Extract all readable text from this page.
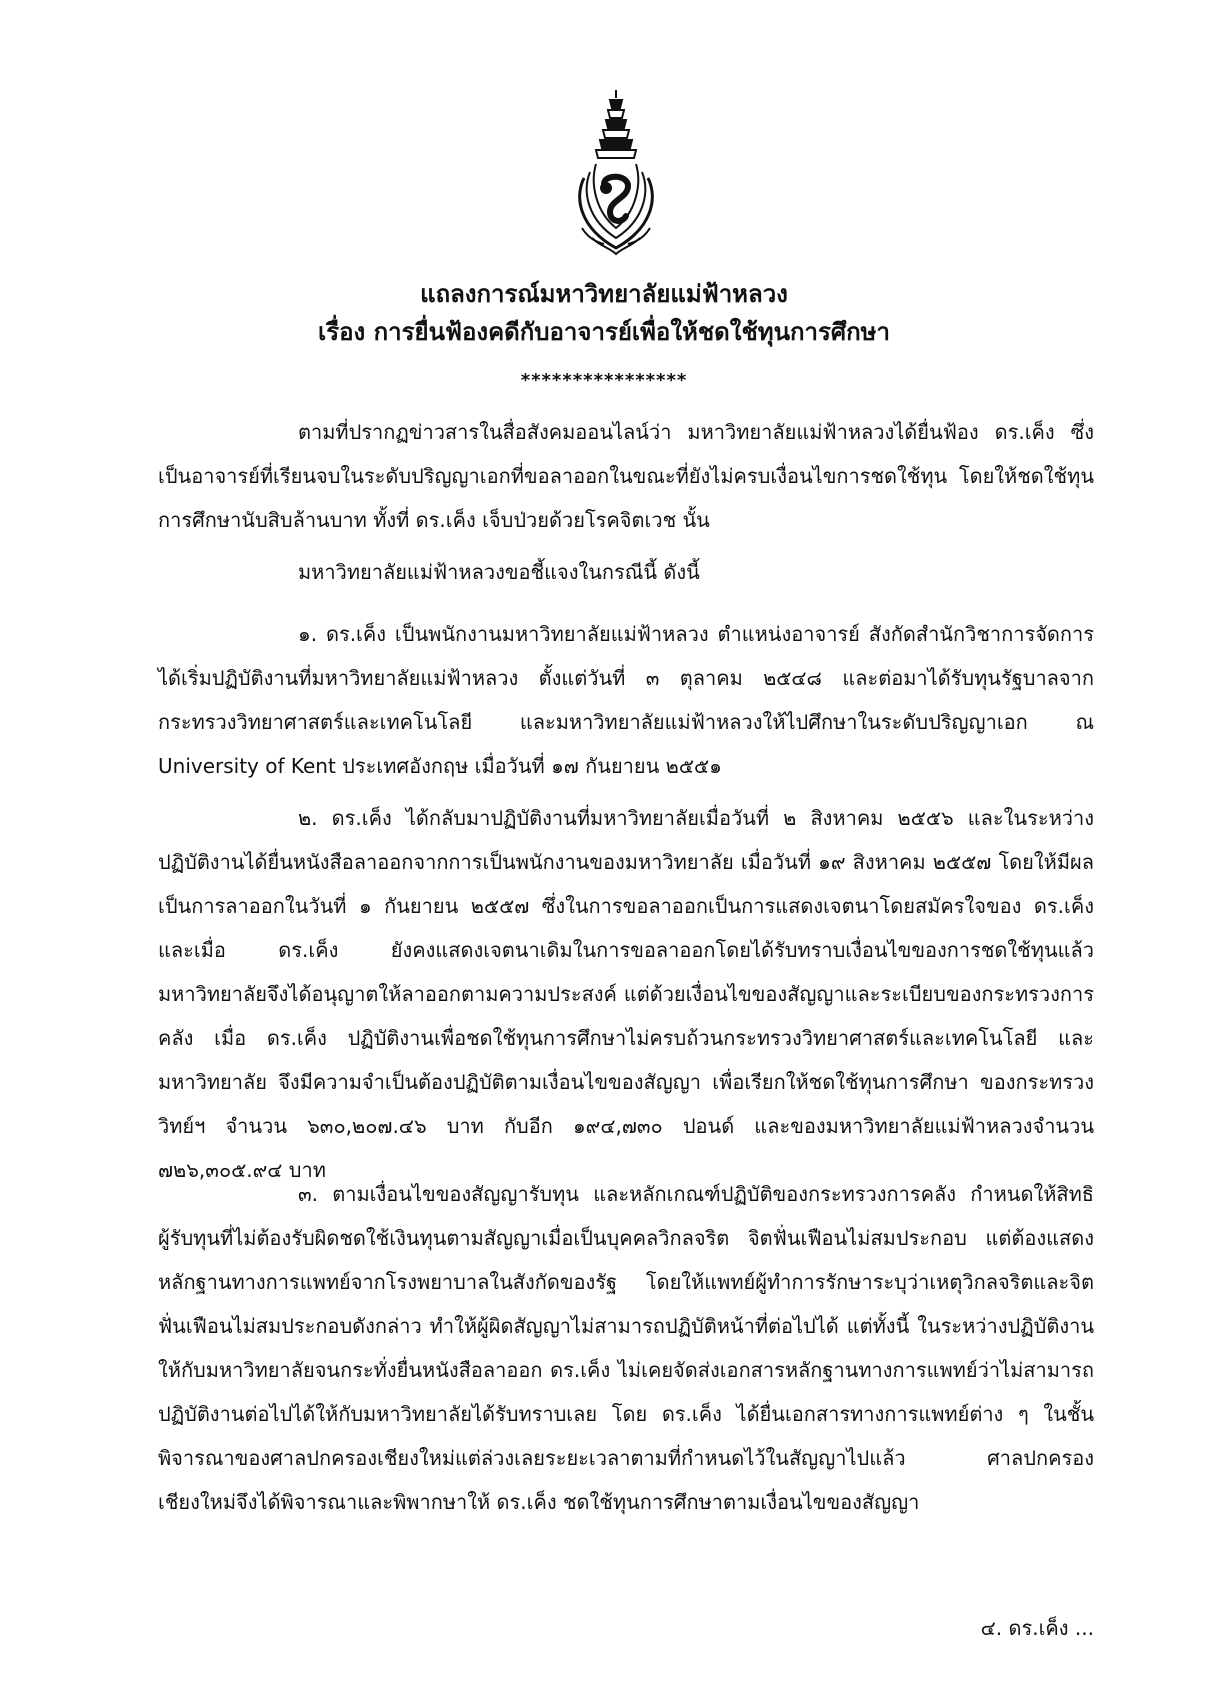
แถลงการณ์มหาวิทยาลัยแม่ฟ้าหลวง
เรื่อง การยื่นฟ้องคดีกับอาจารย์เพื่อให้ชดใช้ทุนการศึกษา
****************

ตามที่ปรากฏข่าวสารในสื่อสังคมออนไลน์ว่า มหาวิทยาลัยแม่ฟ้าหลวงได้ยื่นฟ้อง ดร.เค็ง ซึ่งเป็นอาจารย์ที่เรียนจบในระดับปริญญาเอกที่ขอลาออกในขณะที่ยังไม่ครบเงื่อนไขการชดใช้ทุน โดยให้ชดใช้ทุนการศึกษานับสิบล้านบาท ทั้งที่ ดร.เค็ง เจ็บป่วยด้วยโรคจิตเวช นั้น

มหาวิทยาลัยแม่ฟ้าหลวงขอชี้แจงในกรณีนี้ ดังนี้

๑. ดร.เค็ง เป็นพนักงานมหาวิทยาลัยแม่ฟ้าหลวง ตำแหน่งอาจารย์ สังกัดสำนักวิชาการจัดการ ได้เริ่มปฏิบัติงานที่มหาวิทยาลัยแม่ฟ้าหลวง ตั้งแต่วันที่ ๓ ตุลาคม ๒๕๔๘ และต่อมาได้รับทุนรัฐบาลจากกระทรวงวิทยาศาสตร์และเทคโนโลยี และมหาวิทยาลัยแม่ฟ้าหลวงให้ไปศึกษาในระดับปริญญาเอก ณ University of Kent ประเทศอังกฤษ เมื่อวันที่ ๑๗ กันยายน ๒๕๕๑

๒. ดร.เค็ง ได้กลับมาปฏิบัติงานที่มหาวิทยาลัยเมื่อวันที่ ๒ สิงหาคม ๒๕๕๖ และในระหว่างปฏิบัติงานได้ยื่นหนังสือลาออกจากการเป็นพนักงานของมหาวิทยาลัย เมื่อวันที่ ๑๙ สิงหาคม ๒๕๕๗ โดยให้มีผลเป็นการลาออกในวันที่ ๑ กันยายน ๒๕๕๗ ซึ่งในการขอลาออกเป็นการแสดงเจตนาโดยสมัครใจของ ดร.เค็ง และเมื่อ ดร.เค็ง ยังคงแสดงเจตนาเดิมในการขอลาออกโดยได้รับทราบเงื่อนไขของการชดใช้ทุนแล้ว มหาวิทยาลัยจึงได้อนุญาตให้ลาออกตามความประสงค์ แต่ด้วยเงื่อนไขของสัญญาและระเบียบของกระทรวงการคลัง เมื่อ ดร.เค็ง ปฏิบัติงานเพื่อชดใช้ทุนการศึกษาไม่ครบถ้วนกระทรวงวิทยาศาสตร์และเทคโนโลยี และมหาวิทยาลัย จึงมีความจำเป็นต้องปฏิบัติตามเงื่อนไขของสัญญา เพื่อเรียกให้ชดใช้ทุนการศึกษา ของกระทรวงวิทย์ฯ จำนวน ๖๓๐,๒๐๗.๔๖ บาท กับอีก ๑๙๔,๗๓๐ ปอนด์ และของมหาวิทยาลัยแม่ฟ้าหลวงจำนวน ๗๒๖,๓๐๕.๙๔ บาท

๓. ตามเงื่อนไขของสัญญารับทุน และหลักเกณฑ์ปฏิบัติของกระทรวงการคลัง กำหนดให้สิทธิผู้รับทุนที่ไม่ต้องรับผิดชดใช้เงินทุนตามสัญญาเมื่อเป็นบุคคลวิกลจริต จิตฟั่นเฟือนไม่สมประกอบ แต่ต้องแสดงหลักฐานทางการแพทย์จากโรงพยาบาลในสังกัดของรัฐ โดยให้แพทย์ผู้ทำการรักษาระบุว่าเหตุวิกลจริตและจิตฟั่นเฟือนไม่สมประกอบดังกล่าว ทำให้ผู้ผิดสัญญาไม่สามารถปฏิบัติหน้าที่ต่อไปได้ แต่ทั้งนี้ ในระหว่างปฏิบัติงานให้กับมหาวิทยาลัยจนกระทั่งยื่นหนังสือลาออก ดร.เค็ง ไม่เคยจัดส่งเอกสารหลักฐานทางการแพทย์ว่าไม่สามารถปฏิบัติงานต่อไปได้ให้กับมหาวิทยาลัยได้รับทราบเลย โดย ดร.เค็ง ได้ยื่นเอกสารทางการแพทย์ต่าง ๆ ในชั้นพิจารณาของศาลปกครองเชียงใหม่แต่ล่วงเลยระยะเวลาตามที่กำหนดไว้ในสัญญาไปแล้ว ศาลปกครองเชียงใหม่จึงได้พิจารณาและพิพากษาให้ ดร.เค็ง ชดใช้ทุนการศึกษาตามเงื่อนไขของสัญญา

๔. ดร.เค็ง ...
